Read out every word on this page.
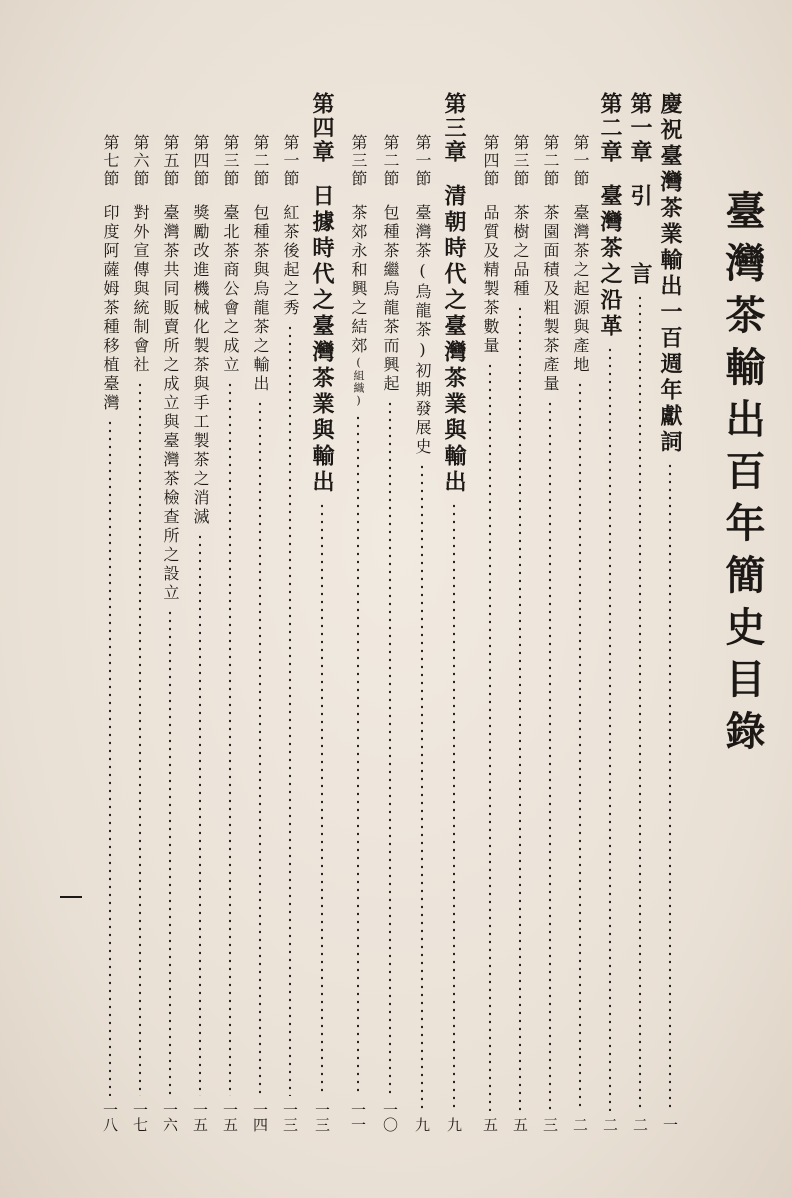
臺灣茶輸出百年簡史目錄
慶祝臺灣茶業輸出一百週年獻詞
一
第一章
引　　言
二
第二章
臺灣茶之沿革
二
第一節
臺灣茶之起源與產地
二
第二節
茶園面積及粗製茶產量
三
第三節
茶樹之品種
五
第四節
品質及精製茶數量
五
第三章
清朝時代之臺灣茶業與輸出
九
第一節
臺灣茶(烏龍茶)初期發展史
九
第二節
包種茶繼烏龍茶而興起
一〇
第三節
茶郊永和興之結郊(組織)
一一
第四章
日據時代之臺灣茶業與輸出
一三
第一節
紅茶後起之秀
一三
第二節
包種茶與烏龍茶之輸出
一四
第三節
臺北茶商公會之成立
一五
第四節
獎勵改進機械化製茶與手工製茶之消滅
一五
第五節
臺灣茶共同販賣所之成立與臺灣茶檢查所之設立
一六
第六節
對外宣傳與統制會社
一七
第七節
印度阿薩姆茶種移植臺灣
一八
